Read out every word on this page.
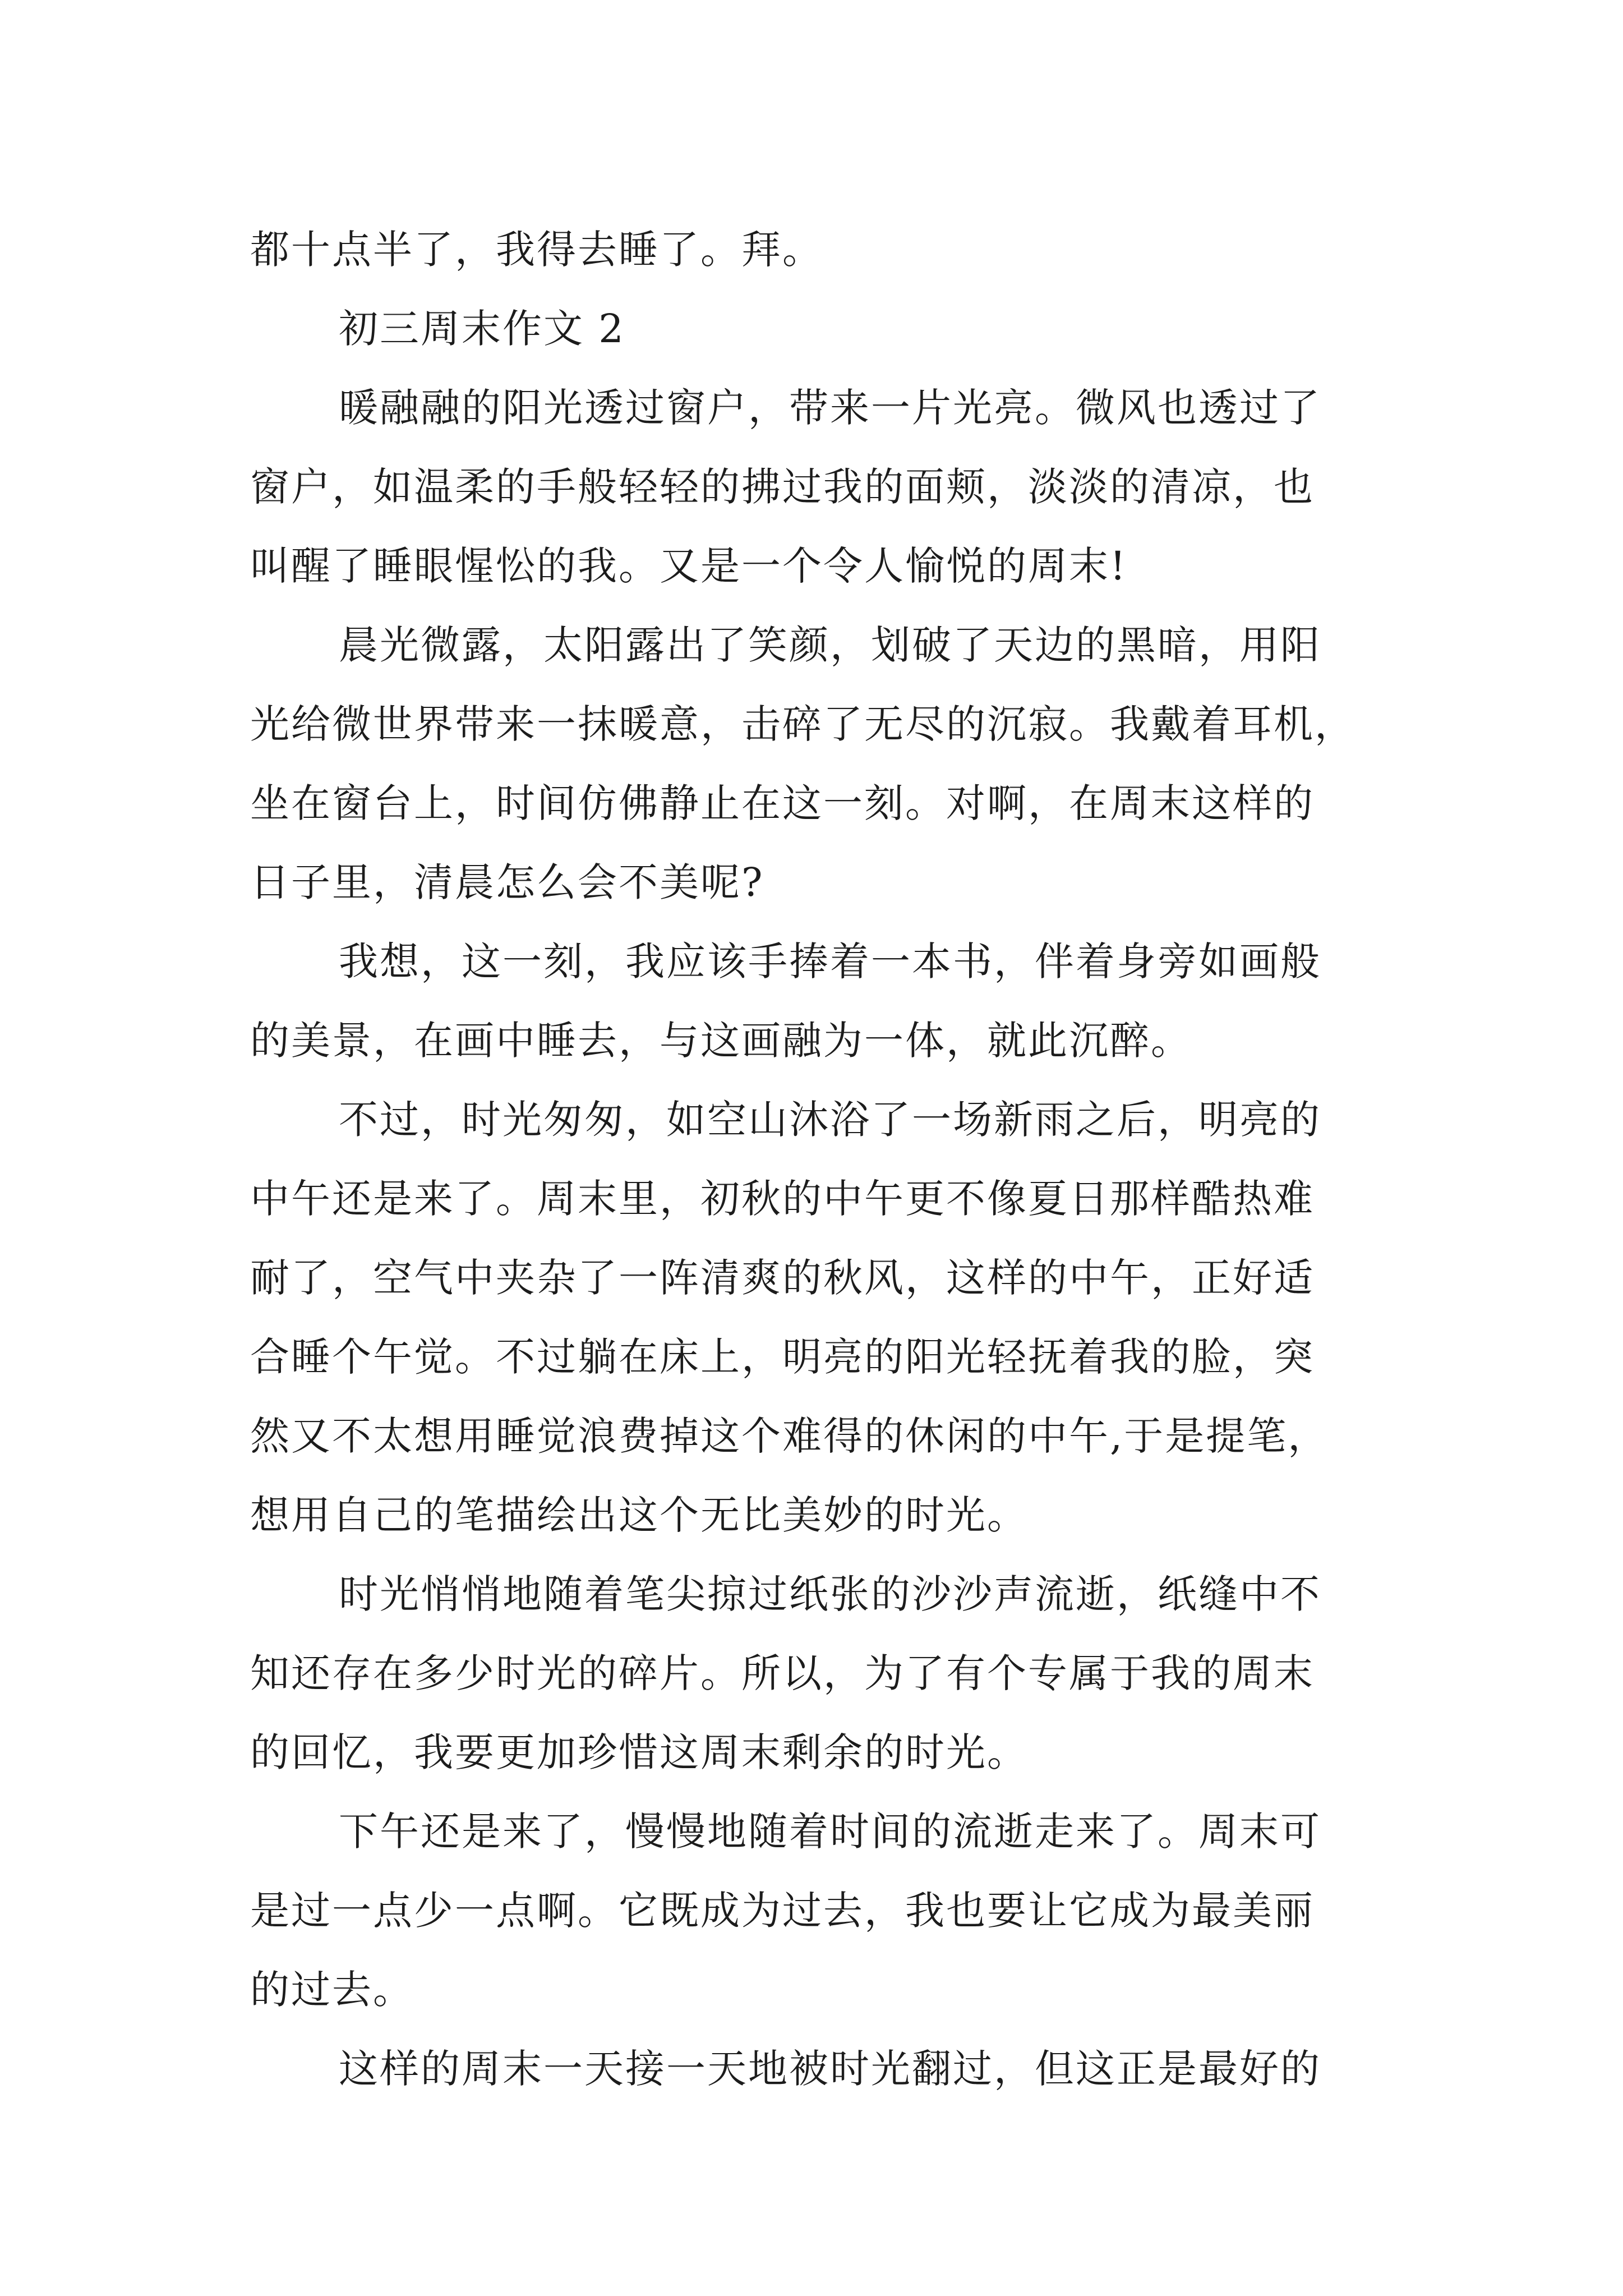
都十点半了，我得去睡了。拜。
初三周末作文 2
暖融融的阳光透过窗户，带来一片光亮。微风也透过了
窗户，如温柔的手般轻轻的拂过我的面颊，淡淡的清凉，也
叫醒了睡眼惺忪的我。又是一个令人愉悦的周末!
晨光微露，太阳露出了笑颜，划破了天边的黑暗，用阳
光给微世界带来一抹暖意，击碎了无尽的沉寂。我戴着耳机，
坐在窗台上，时间仿佛静止在这一刻。对啊，在周末这样的
日子里，清晨怎么会不美呢?
我想，这一刻，我应该手捧着一本书，伴着身旁如画般
的美景，在画中睡去，与这画融为一体，就此沉醉。
不过，时光匆匆，如空山沐浴了一场新雨之后，明亮的
中午还是来了。周末里，初秋的中午更不像夏日那样酷热难
耐了，空气中夹杂了一阵清爽的秋风，这样的中午，正好适
合睡个午觉。不过躺在床上，明亮的阳光轻抚着我的脸，突
然又不太想用睡觉浪费掉这个难得的休闲的中午,于是提笔，
想用自己的笔描绘出这个无比美妙的时光。
时光悄悄地随着笔尖掠过纸张的沙沙声流逝，纸缝中不
知还存在多少时光的碎片。所以，为了有个专属于我的周末
的回忆，我要更加珍惜这周末剩余的时光。
下午还是来了，慢慢地随着时间的流逝走来了。周末可
是过一点少一点啊。它既成为过去，我也要让它成为最美丽
的过去。
这样的周末一天接一天地被时光翻过，但这正是最好的
